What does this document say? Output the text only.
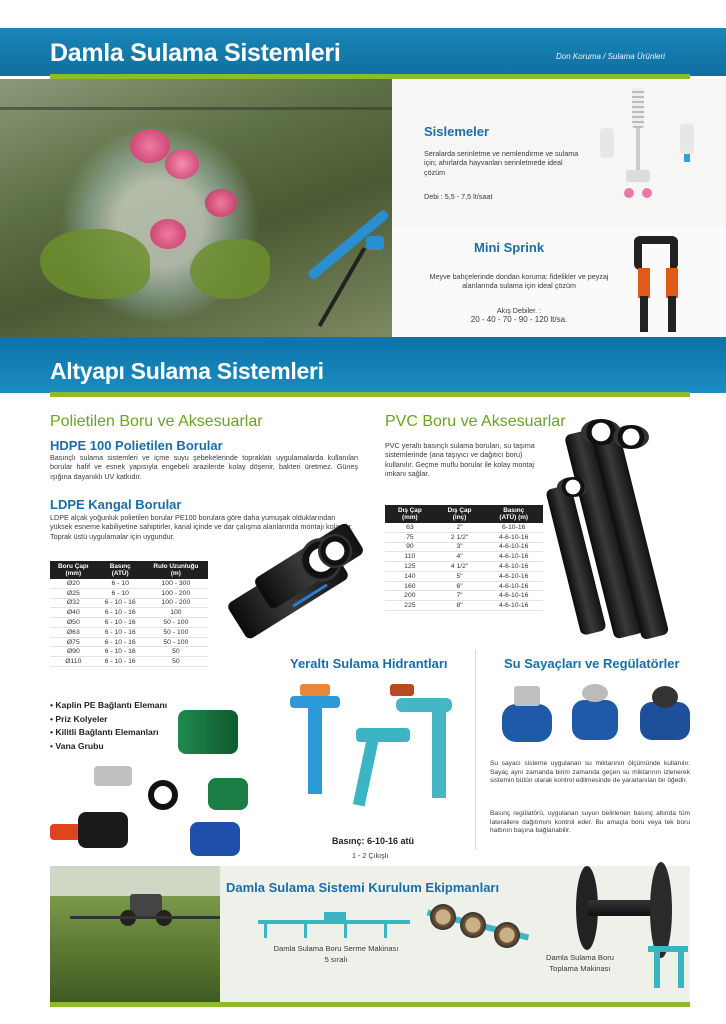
Damla Sulama Sistemleri	Don Koruma / Sulama Ürünleri
Sislemeler
Seralarda serinletme ve nemlendirme ve sulama için; ahırlarda hayvanları serinletmede ideal çözüm
Debi : 5,5 - 7,5 lt/saat
Mini Sprink
Meyve bahçelerinde dondan koruma: fidelikler ve peyzaj alanlarında sulama için ideal çözüm
Akış Debiler. :
20 - 40 - 70 - 90 - 120 lt/sa.
Altyapı Sulama Sistemleri
Polietilen Boru ve Aksesuarlar
HDPE 100 Polietilen Borular
Basınçlı sulama sistemleri ve içme suyu şebekelerinde topraklatı uygulamalarda kullanılan borular hafif ve esnek yapısıyla engebeli arazilerde kolay döşenir, bakteri üretmez. Güneş ışığına dayanıklı UV katkıdır.
LDPE Kangal Borular
LDPE alçak yoğunluk polietilen borular PE100 borulara göre daha yumuşak olduklarından yüksek esneme kabiliyetine sahiptirler, kanal içinde ve dar çalışma alanlarında montajı kolaydır. Toprak üstü uygulamalar için uygundur.
Boru Çapı
(mm)	Basınç
(ATÜ)	Rulo Uzunluğu
(m)
Ø20	6 - 10	100 - 300
Ø25	6 - 10	100 - 200
Ø32	6 - 10 - 16	100 - 200
Ø40	6 - 10 - 16	100
Ø50	6 - 10 - 16	50 - 100
Ø63	6 - 10 - 16	50 - 100
Ø75	6 - 10 - 16	50 - 100
Ø90	6 - 10 - 16	50
Ø110	6 - 10 - 16	50
• Kaplin PE Bağlantı Elemanı
• Priz Kolyeler
• Kilitli Bağlantı Elemanları
• Vana Grubu
PVC Boru ve Aksesuarlar
PVC yeraltı basınçlı sulama boruları, su taşıma sistemlerinde (ana taşıyıcı ve dağıtıcı boru) kullanılır. Geçme muflu borular ile kolay montaj imkanı sağlar.
Dış Çap
(mm)	Dış Çap
(inç)	Basınç
(ATÜ) (m)
63	2"	6-10-16
75	2 1/2"	4-6-10-16
90	3"	4-6-10-16
110	4"	4-6-10-16
125	4 1/2"	4-6-10-16
140	5"	4-6-10-16
160	6"	4-6-10-16
200	7"	4-6-10-16
225	8"	4-6-10-16
Yeraltı Sulama Hidrantları
Basınç: 6-10-16 atü
1 - 2 Çıkışlı
Su Sayaçları ve Regülatörler
Su sayacı sisteme uygulanan su miktarının ölçümünde kullanılır. Sayaç aynı zamanda birim zamanda geçen su miktarının izlenerek sistemin bütün olarak kontrol edilmesinde de yararlanılan bir öğedir.
Basınç regülatörü, uygulanan suyun belirlenen basınç altında tüm laterallere dağıtımını kontrol eder. Bu amaçla boru veya tek boru hattının başına bağlanabilir.
Damla Sulama Sistemi Kurulum Ekipmanları
Damla Sulama Boru Serme Makinası
5 sıralı	Damla Sulama Boru
Toplama Makinası
